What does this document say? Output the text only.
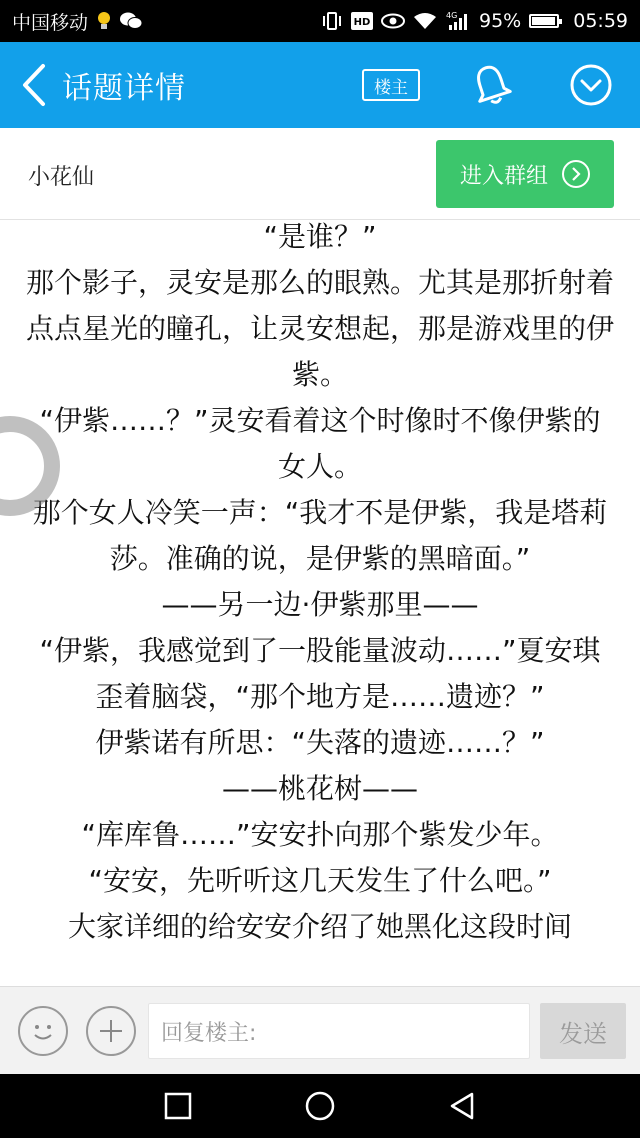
中国移动	HD
4G 95%	05:59
话题详情	楼主
小花仙	进入群组
“是谁？”
那个影子，灵安是那么的眼熟。尤其是那折射着点点星光的瞳孔，让灵安想起，那是游戏里的伊紫。
“伊紫……？”灵安看着这个时像时不像伊紫的女人。
那个女人冷笑一声：“我才不是伊紫，我是塔莉莎。准确的说，是伊紫的黑暗面。”
——另一边·伊紫那里——
“伊紫，我感觉到了一股能量波动……”夏安琪歪着脑袋，“那个地方是……遗迹？”
伊紫诺有所思：“失落的遗迹……？”
——桃花树——
“库库鲁……”安安扑向那个紫发少年。
“安安，先听听这几天发生了什么吧。”
大家详细的给安安介绍了她黑化这段时间
回复楼主:	发送
